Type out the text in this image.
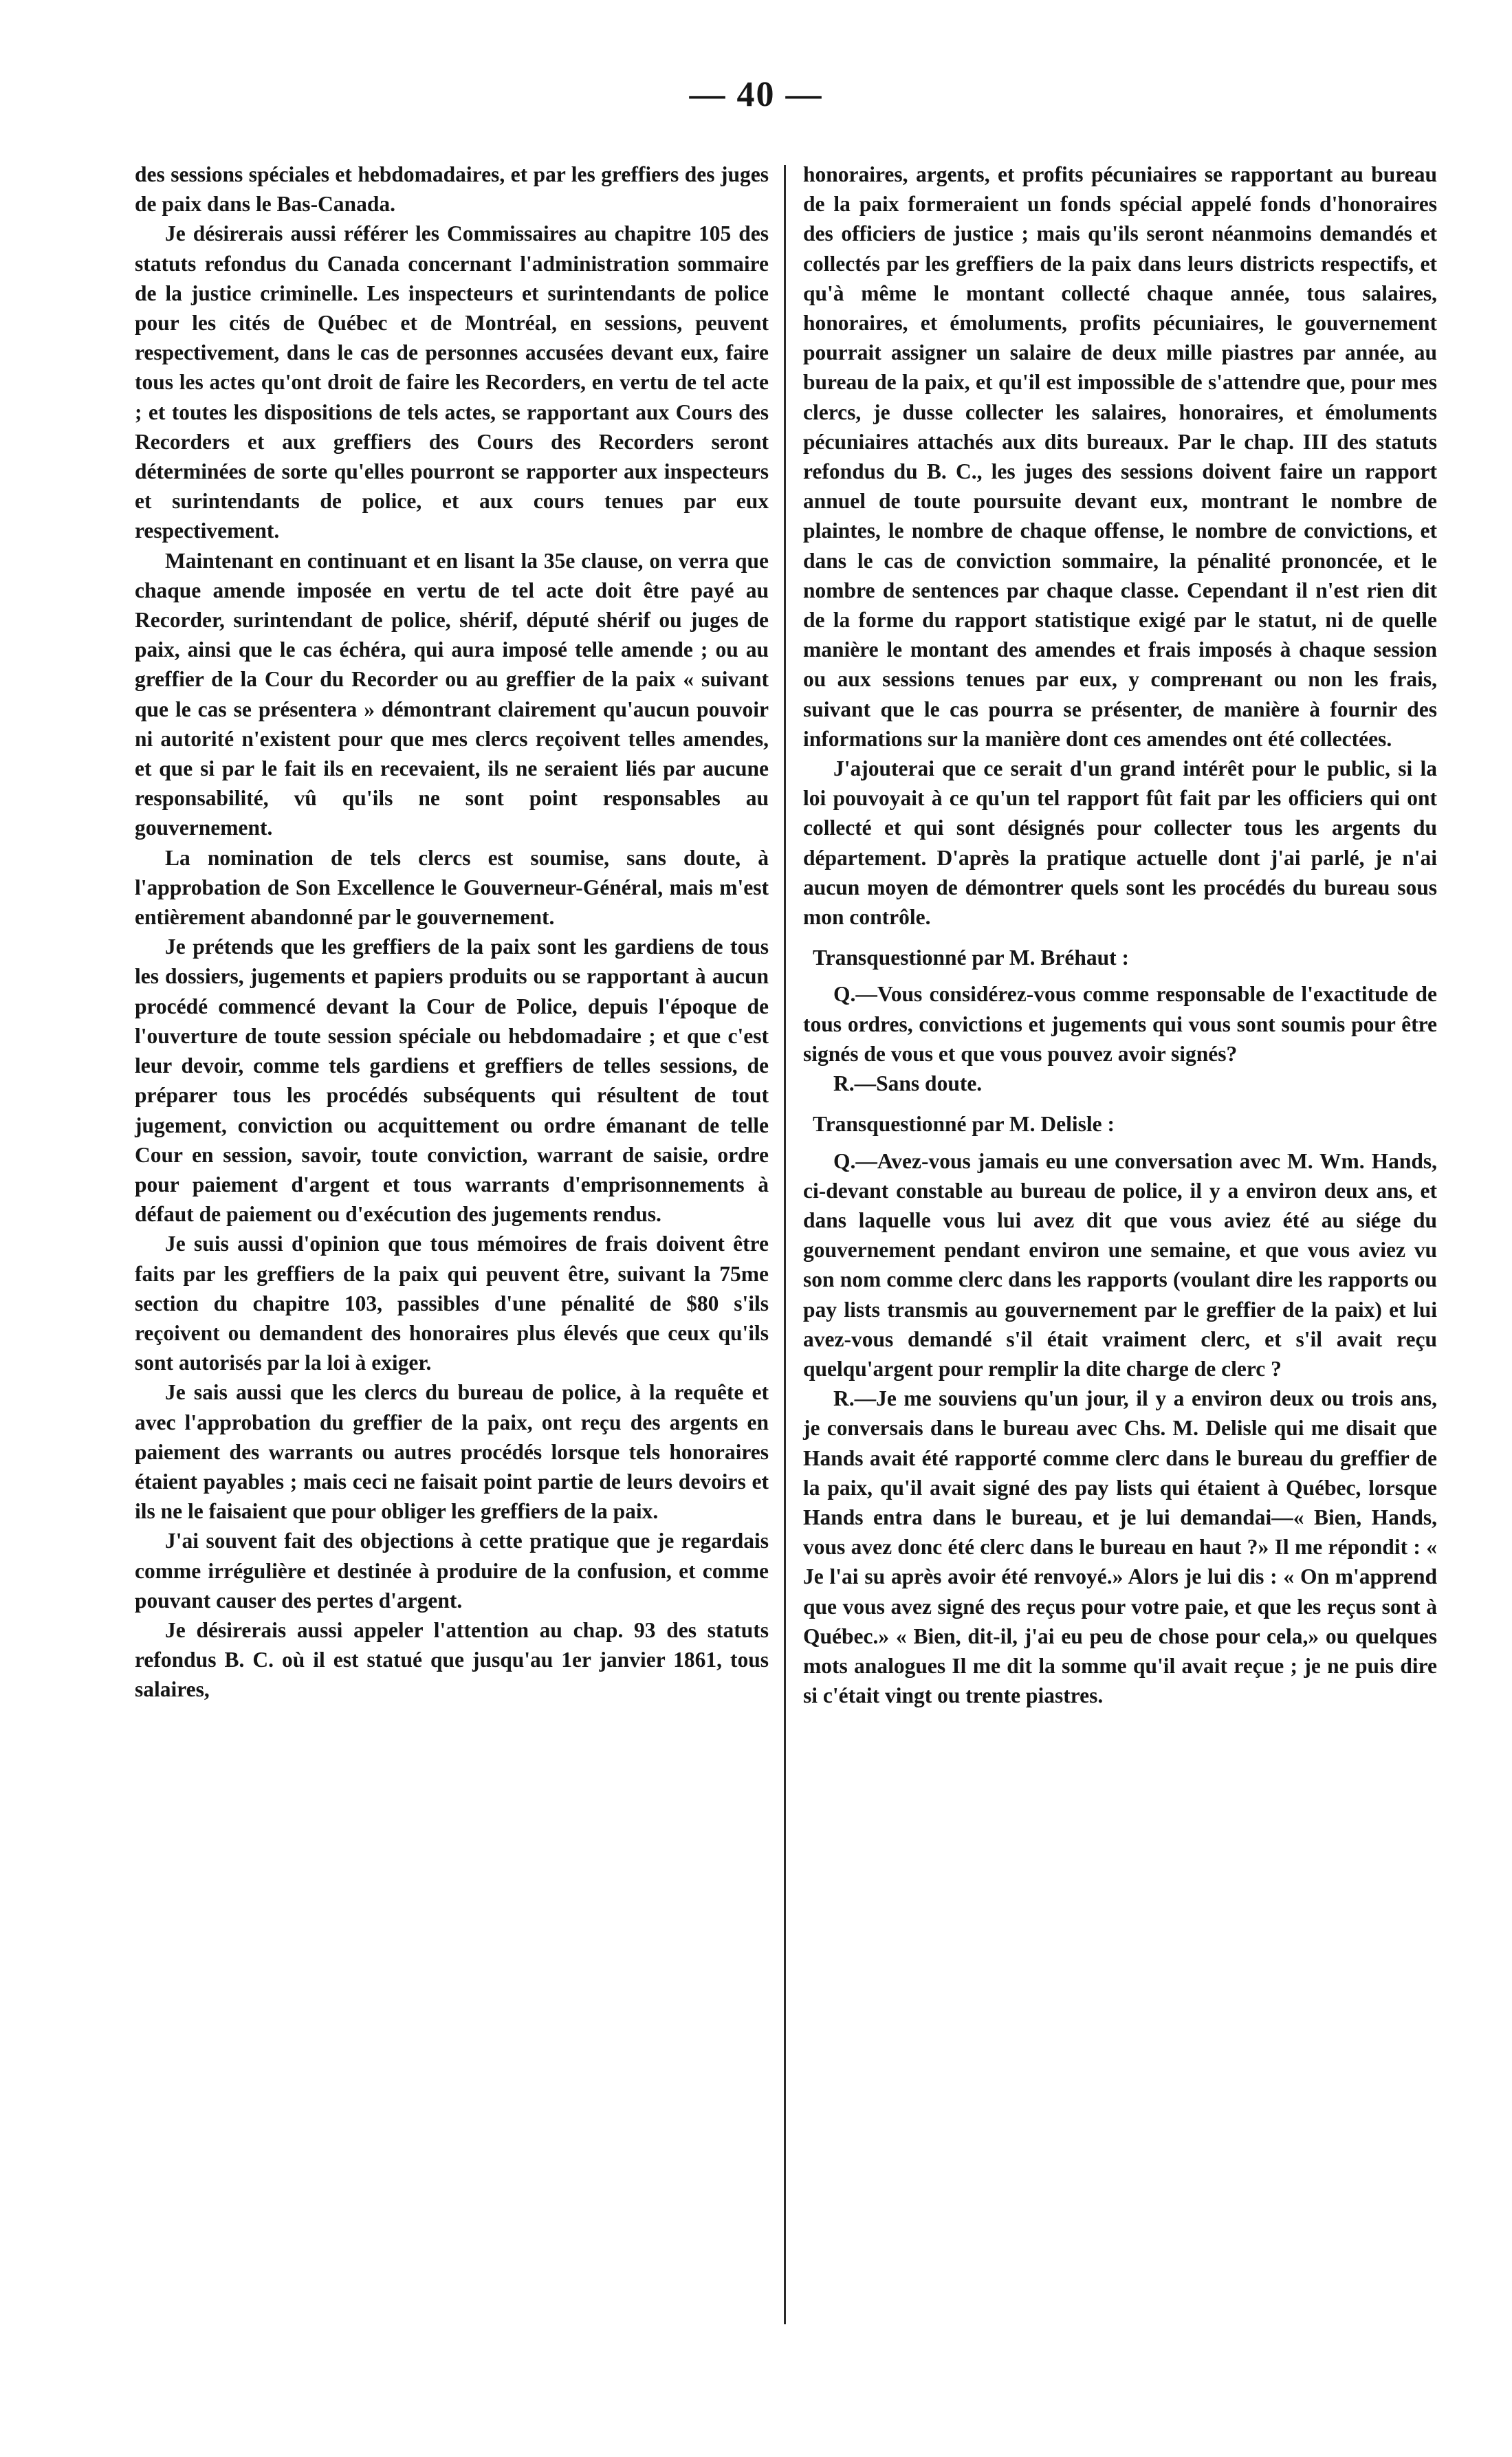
— 40 —

des sessions spéciales et hebdomadaires, et par les greffiers des juges de paix dans le Bas-Canada.

Je désirerais aussi référer les Commissaires au chapitre 105 des statuts refondus du Canada concernant l'administration sommaire de la justice criminelle. Les inspecteurs et surintendants de police pour les cités de Québec et de Montréal, en sessions, peuvent respectivement, dans le cas de personnes accusées devant eux, faire tous les actes qu'ont droit de faire les Recorders, en vertu de tel acte ; et toutes les dispositions de tels actes, se rapportant aux Cours des Recorders et aux greffiers des Cours des Recorders seront déterminées de sorte qu'elles pourront se rapporter aux inspecteurs et surintendants de police, et aux cours tenues par eux respectivement.

Maintenant en continuant et en lisant la 35e clause, on verra que chaque amende imposée en vertu de tel acte doit être payé au Recorder, surintendant de police, shérif, député shérif ou juges de paix, ainsi que le cas échéra, qui aura imposé telle amende ; ou au greffier de la Cour du Recorder ou au greffier de la paix « suivant que le cas se présentera » démontrant clairement qu'aucun pouvoir ni autorité n'existent pour que mes clercs reçoivent telles amendes, et que si par le fait ils en recevaient, ils ne seraient liés par aucune responsabilité, vû qu'ils ne sont point responsables au gouvernement.

La nomination de tels clercs est soumise, sans doute, à l'approbation de Son Excellence le Gouverneur-Général, mais m'est entièrement abandonné par le gouvernement.

Je prétends que les greffiers de la paix sont les gardiens de tous les dossiers, jugements et papiers produits ou se rapportant à aucun procédé commencé devant la Cour de Police, depuis l'époque de l'ouverture de toute session spéciale ou hebdomadaire ; et que c'est leur devoir, comme tels gardiens et greffiers de telles sessions, de préparer tous les procédés subséquents qui résultent de tout jugement, conviction ou acquittement ou ordre émanant de telle Cour en session, savoir, toute conviction, warrant de saisie, ordre pour paiement d'argent et tous warrants d'emprisonnements à défaut de paiement ou d'exécution des jugements rendus.

Je suis aussi d'opinion que tous mémoires de frais doivent être faits par les greffiers de la paix qui peuvent être, suivant la 75me section du chapitre 103, passibles d'une pénalité de $80 s'ils reçoivent ou demandent des honoraires plus élevés que ceux qu'ils sont autorisés par la loi à exiger.

Je sais aussi que les clercs du bureau de police, à la requête et avec l'approbation du greffier de la paix, ont reçu des argents en paiement des warrants ou autres procédés lorsque tels honoraires étaient payables ; mais ceci ne faisait point partie de leurs devoirs et ils ne le faisaient que pour obliger les greffiers de la paix.

J'ai souvent fait des objections à cette pratique que je regardais comme irrégulière et destinée à produire de la confusion, et comme pouvant causer des pertes d'argent.

Je désirerais aussi appeler l'attention au chap. 93 des statuts refondus B. C. où il est statué que jusqu'au 1er janvier 1861, tous salaires,

honoraires, argents, et profits pécuniaires se rapportant au bureau de la paix formeraient un fonds spécial appelé fonds d'honoraires des officiers de justice ; mais qu'ils seront néanmoins demandés et collectés par les greffiers de la paix dans leurs districts respectifs, et qu'à même le montant collecté chaque année, tous salaires, honoraires, et émoluments, profits pécuniaires, le gouvernement pourrait assigner un salaire de deux mille piastres par année, au bureau de la paix, et qu'il est impossible de s'attendre que, pour mes clercs, je dusse collecter les salaires, honoraires, et émoluments pécuniaires attachés aux dits bureaux. Par le chap. III des statuts refondus du B. C., les juges des sessions doivent faire un rapport annuel de toute poursuite devant eux, montrant le nombre de plaintes, le nombre de chaque offense, le nombre de convictions, et dans le cas de conviction sommaire, la pénalité prononcée, et le nombre de sentences par chaque classe. Cependant il n'est rien dit de la forme du rapport statistique exigé par le statut, ni de quelle manière le montant des amendes et frais imposés à chaque session ou aux sessions tenues par eux, y compreнant ou non les frais, suivant que le cas pourra se présenter, de manière à fournir des informations sur la manière dont ces amendes ont été collectées.

J'ajouterai que ce serait d'un grand intérêt pour le public, si la loi pouvoyait à ce qu'un tel rapport fût fait par les officiers qui ont collecté et qui sont désignés pour collecter tous les argents du département. D'après la pratique actuelle dont j'ai parlé, je n'ai aucun moyen de démontrer quels sont les procédés du bureau sous mon contrôle.

Transquestionné par M. Bréhaut :

Q.—Vous considérez-vous comme responsable de l'exactitude de tous ordres, convictions et jugements qui vous sont soumis pour être signés de vous et que vous pouvez avoir signés?

R.—Sans doute.

Transquestionné par M. Delisle :

Q.—Avez-vous jamais eu une conversation avec M. Wm. Hands, ci-devant constable au bureau de police, il y a environ deux ans, et dans laquelle vous lui avez dit que vous aviez été au siége du gouvernement pendant environ une semaine, et que vous aviez vu son nom comme clerc dans les rapports (voulant dire les rapports ou pay lists transmis au gouvernement par le greffier de la paix) et lui avez-vous demandé s'il était vraiment clerc, et s'il avait reçu quelqu'argent pour remplir la dite charge de clerc ?

R.—Je me souviens qu'un jour, il y a environ deux ou trois ans, je conversais dans le bureau avec Chs. M. Delisle qui me disait que Hands avait été rapporté comme clerc dans le bureau du greffier de la paix, qu'il avait signé des pay lists qui étaient à Québec, lorsque Hands entra dans le bureau, et je lui demandai—« Bien, Hands, vous avez donc été clerc dans le bureau en haut ?» Il me répondit : « Je l'ai su après avoir été renvoyé.» Alors je lui dis : « On m'apprend que vous avez signé des reçus pour votre paie, et que les reçus sont à Québec.» « Bien, dit-il, j'ai eu peu de chose pour cela,» ou quelques mots analogues Il me dit la somme qu'il avait reçue ; je ne puis dire si c'était vingt ou trente piastres.
